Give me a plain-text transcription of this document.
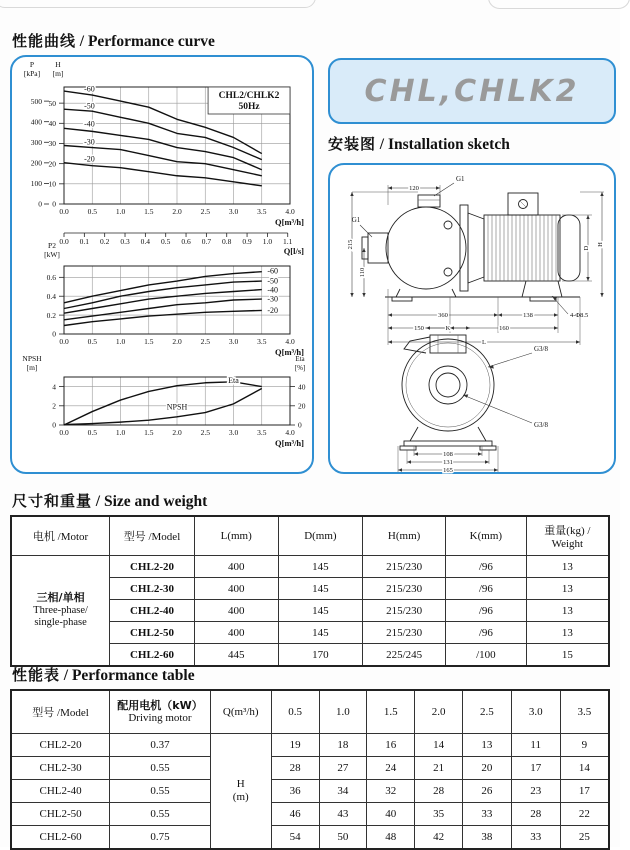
性能曲线 / Performance curve
0.0	0.5	1.0	1.5	2.0	2.5	3.0	3.5	4.0
Q[m³/h]
0
10
20
30
40
50
0
100
200
300
400
500
P
[kPa]
H
[m]
-60
-50
-40
-30
-20
CHL2/CHLK2
50Hz
0.0 0.1 0.2 0.3 0.4 0.5 0.6 0.7 0.8 0.9 1.0 1.1
Q[l/s]
0.0	0.5	1.0	1.5	2.0	2.5	3.0	3.5	4.0
Q[m³/h]
0
0.2
0.4
0.6
P2
[kW]
-60
-50
-40
-30
-20
0.0	0.5	1.0	1.5	2.0	2.5	3.0	3.5	4.0
Q[m³/h]
0
2
4
0
20
40
NPSH
[m]
Eta
[%]
Eta
NPSH
CHL,CHLK2
安装图 / Installation sketch
120
G1
G1
215
110
360	138
150	160
L
4-Φ8.5
D
H
K
G3/8
G3/8
108
131
165
尺寸和重量 / Size and weight
电机 /Motor	型号 /Model	L(mm)	D(mm)	H(mm)	K(mm)	重量(kg) / Weight

三相/单相
Three-phase/
single-phase	CHL2-20	400	145	215/230	/96	13
	CHL2-30	400	145	215/230	/96	13
	CHL2-40	400	145	215/230	/96	13
	CHL2-50	400	145	215/230	/96	13
	CHL2-60	445	170	225/245	/100	15
性能表 / Performance table
型号 /Model	配用电机（kW）
Driving motor	Q(m³/h)	0.5	1.0	1.5	2.0	2.5	3.0	3.5
CHL2-20	0.37	H
(m)	19	18	16	14	13	11	9
CHL2-30	0.55		28	27	24	21	20	17	14
CHL2-40	0.55		36	34	32	28	26	23	17
CHL2-50	0.55		46	43	40	35	33	28	22
CHL2-60	0.75		54	50	48	42	38	33	25
